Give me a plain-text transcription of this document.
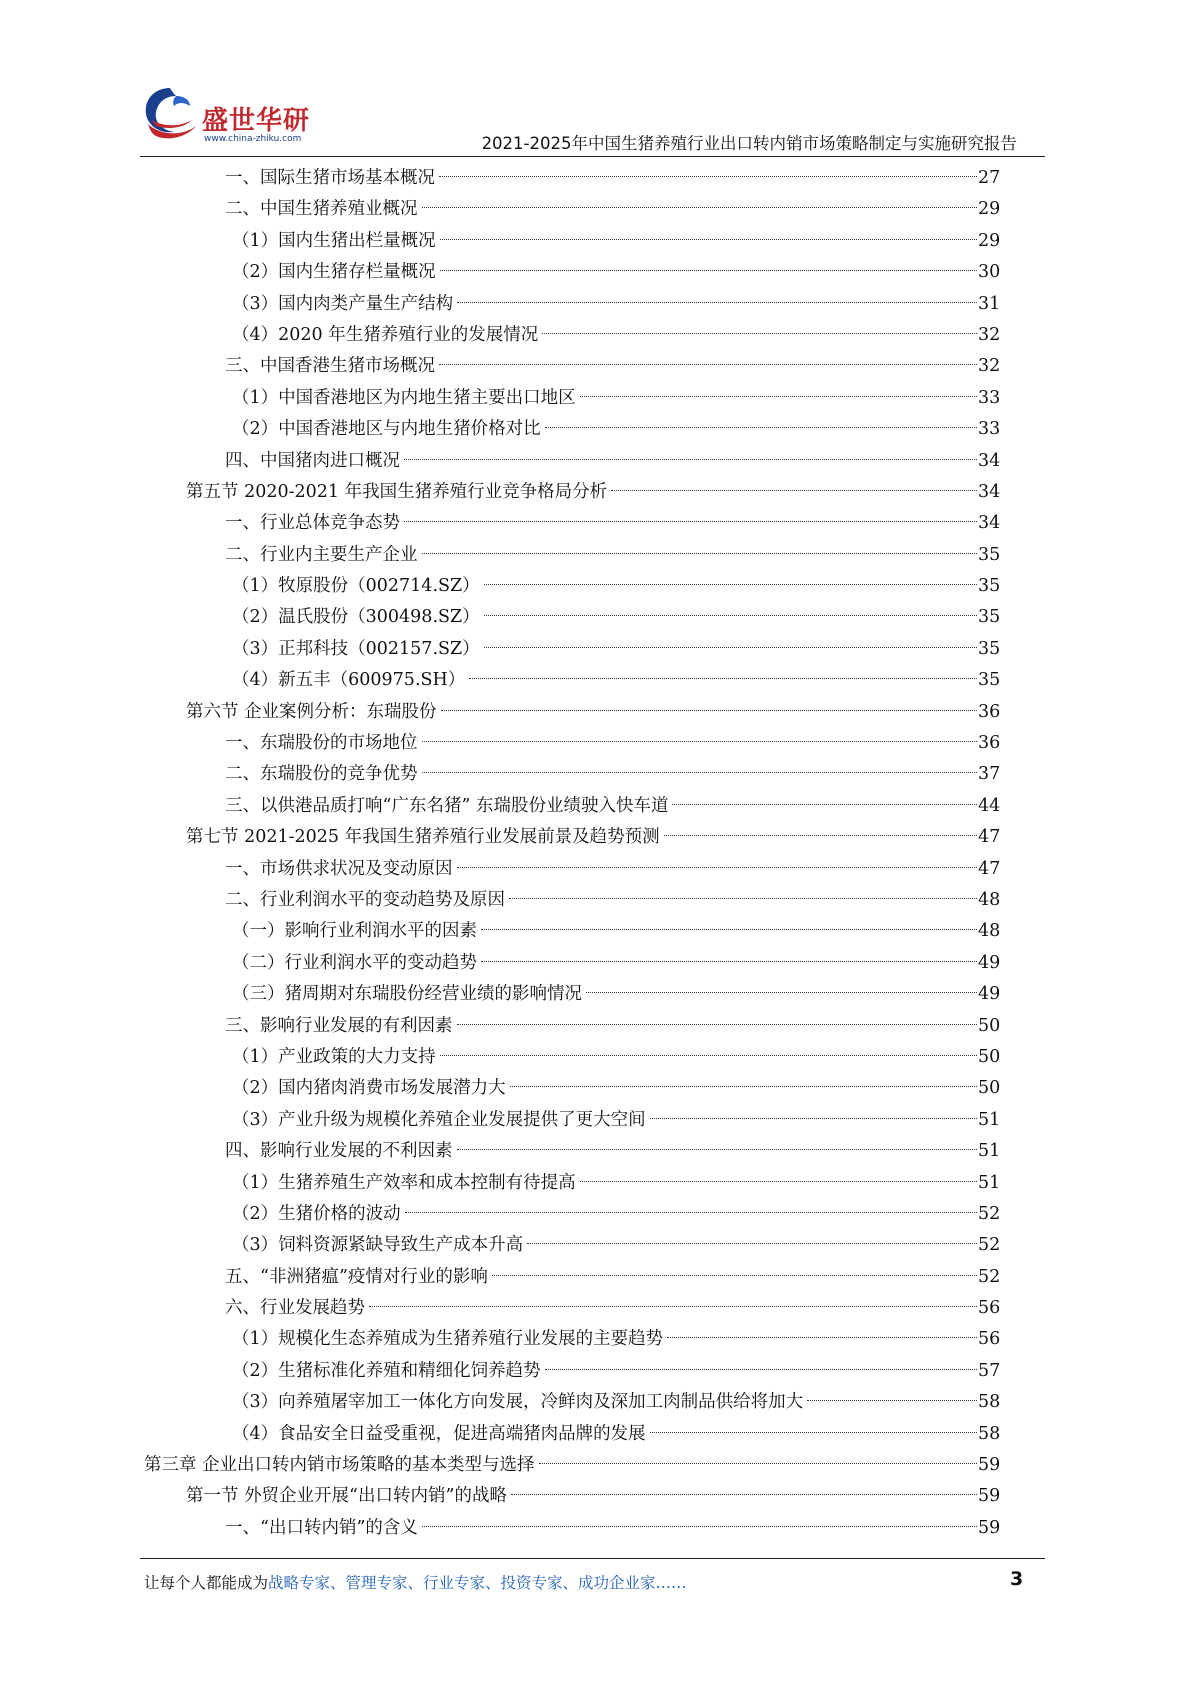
盛世华研
www.china-zhiku.com	2021-2025年中国生猪养殖行业出口转内销市场策略制定与实施研究报告
一、国际生猪市场基本概况	27
二、中国生猪养殖业概况	29
（1）国内生猪出栏量概况	29
（2）国内生猪存栏量概况	30
（3）国内肉类产量生产结构	31
（4）2020 年生猪养殖行业的发展情况	32
三、中国香港生猪市场概况	32
（1）中国香港地区为内地生猪主要出口地区	33
（2）中国香港地区与内地生猪价格对比	33
四、中国猪肉进口概况	34
第五节 2020-2021 年我国生猪养殖行业竞争格局分析	34
一、行业总体竞争态势	34
二、行业内主要生产企业	35
（1）牧原股份（002714.SZ）	35
（2）温氏股份（300498.SZ）	35
（3）正邦科技（002157.SZ）	35
（4）新五丰（600975.SH）	35
第六节 企业案例分析：东瑞股份	36
一、东瑞股份的市场地位	36
二、东瑞股份的竞争优势	37
三、以供港品质打响“广东名猪” 东瑞股份业绩驶入快车道	44
第七节 2021-2025 年我国生猪养殖行业发展前景及趋势预测	47
一、市场供求状况及变动原因	47
二、行业利润水平的变动趋势及原因	48
（一）影响行业利润水平的因素	48
（二）行业利润水平的变动趋势	49
（三）猪周期对东瑞股份经营业绩的影响情况	49
三、影响行业发展的有利因素	50
（1）产业政策的大力支持	50
（2）国内猪肉消费市场发展潜力大	50
（3）产业升级为规模化养殖企业发展提供了更大空间	51
四、影响行业发展的不利因素	51
（1）生猪养殖生产效率和成本控制有待提高	51
（2）生猪价格的波动	52
（3）饲料资源紧缺导致生产成本升高	52
五、“非洲猪瘟”疫情对行业的影响	52
六、行业发展趋势	56
（1）规模化生态养殖成为生猪养殖行业发展的主要趋势	56
（2）生猪标准化养殖和精细化饲养趋势	57
（3）向养殖屠宰加工一体化方向发展，冷鲜肉及深加工肉制品供给将加大	58
（4）食品安全日益受重视，促进高端猪肉品牌的发展	58
第三章 企业出口转内销市场策略的基本类型与选择	59
第一节 外贸企业开展“出口转内销”的战略	59
一、“出口转内销”的含义	59
让每个人都能成为战略专家、管理专家、行业专家、投资专家、成功企业家……	3
